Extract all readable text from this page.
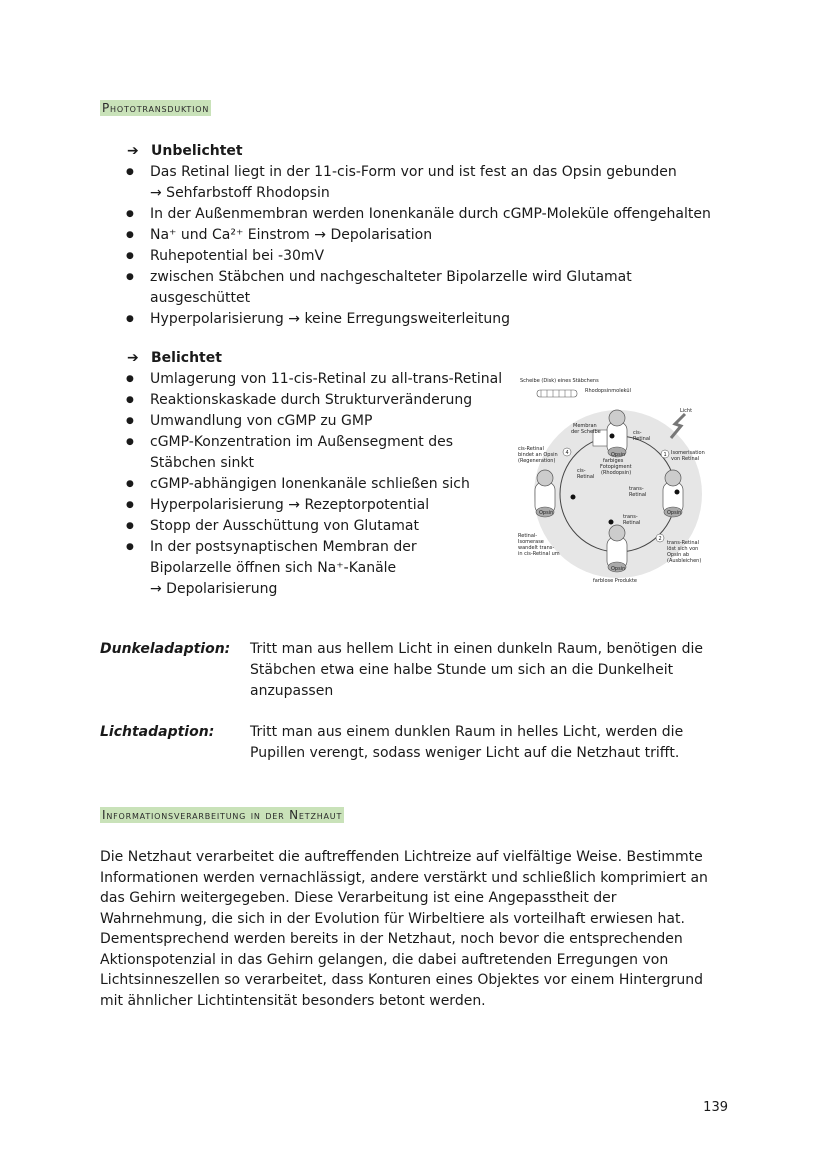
Phototransduktion
➔ Unbelichtet
● Das Retinal liegt in der 11-cis-Form vor und ist fest an das Opsin gebunden
→ Sehfarbstoff Rhodopsin
● In der Außenmembran werden Ionenkanäle durch cGMP-Moleküle offengehalten
● Na⁺ und Ca²⁺ Einstrom → Depolarisation
● Ruhepotential bei -30mV
● zwischen Stäbchen und nachgeschalteter Bipolarzelle wird Glutamat
ausgeschüttet
● Hyperpolarisierung → keine Erregungsweiterleitung
➔ Belichtet
● Umlagerung von 11-cis-Retinal zu all-trans-Retinal
● Reaktionskaskade durch Strukturveränderung
● Umwandlung von cGMP zu GMP
● cGMP-Konzentration im Außensegment des
Stäbchen sinkt
● cGMP-abhängigen Ionenkanäle schließen sich
● Hyperpolarisierung → Rezeptorpotential
● Stopp der Ausschüttung von Glutamat
● In der postsynaptischen Membran der
Bipolarzelle öffnen sich Na⁺-Kanäle
→ Depolarisierung
1
2
4
Scheibe (Disk) eines Stäbchens
Rhodopsinmolekül
Licht
Membran
der Scheibe	cis-
Retinal
Isomerisation
von Retinal
cis-Retinal
bindet an Opsin
(Regeneration)	farbiges
Fotopigment
(Rhodopsin)
trans-
Retinal
cis-
Retinal
trans-
Retinal
Retinal-
Isomerase
wandelt trans-
in cis-Retinal um
trans-Retinal
löst sich von
Opsin ab
(Ausbleichen)
farblose Produkte
Opsin
Opsin	Opsin
Opsin
Dunkeladaption: Tritt man aus hellem Licht in einen dunkeln Raum, benötigen die
Stäbchen etwa eine halbe Stunde um sich an die Dunkelheit
anzupassen
Lichtadaption:	Tritt man aus einem dunklen Raum in helles Licht, werden die
Pupillen verengt, sodass weniger Licht auf die Netzhaut trifft.
Informationsverarbeitung in der Netzhaut
Die Netzhaut verarbeitet die auftreffenden Lichtreize auf vielfältige Weise. Bestimmte
Informationen werden vernachlässigt, andere verstärkt und schließlich komprimiert an
das Gehirn weitergegeben. Diese Verarbeitung ist eine Angepasstheit der
Wahrnehmung, die sich in der Evolution für Wirbeltiere als vorteilhaft erwiesen hat.
Dementsprechend werden bereits in der Netzhaut, noch bevor die entsprechenden
Aktionspotenzial in das Gehirn gelangen, die dabei auftretenden Erregungen von
Lichtsinneszellen so verarbeitet, dass Konturen eines Objektes vor einem Hintergrund
mit ähnlicher Lichtintensität besonders betont werden.
139
